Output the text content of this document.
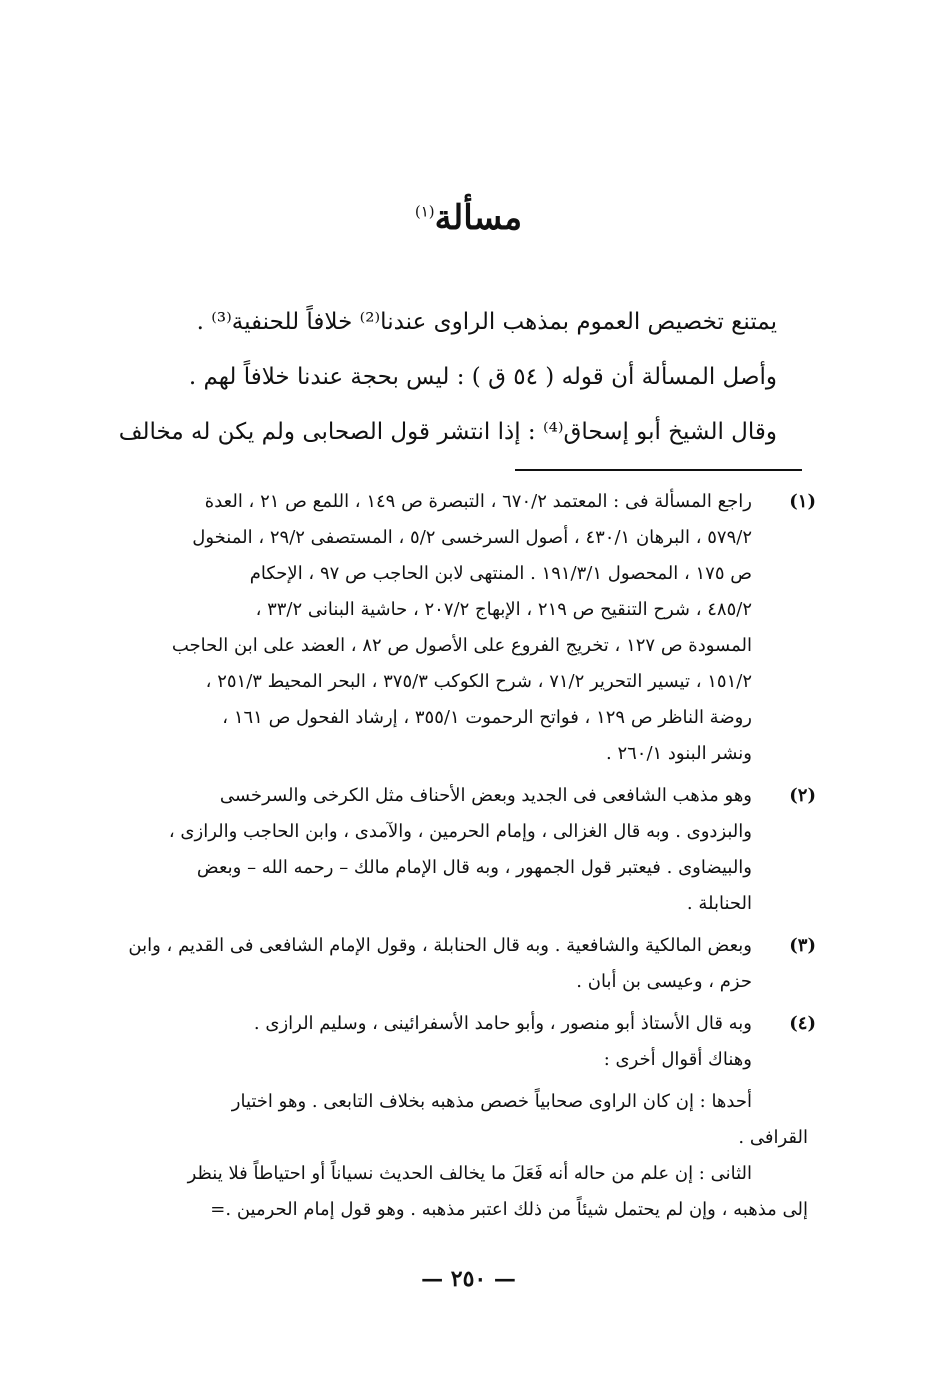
مسألة$^{(١)}$
يمتنع تخصيص العموم بمذهب الراوى عندنا⁽²⁾ خلافاً للحنفية⁽³⁾ .
وأصل المسألة أن قوله ( ٥٤ ق ) : ليس بحجة عندنا خلافاً لهم .
وقال الشيخ أبو إسحاق⁽⁴⁾ : إذا انتشر قول الصحابى ولم يكن له مخالف
(١)
راجع المسألة فى : المعتمد ٦٧٠/٢ ، التبصرة ص ١٤٩ ، اللمع ص ٢١ ، العدة
٥٧٩/٢ ، البرهان ٤٣٠/١ ، أصول السرخسى ٥/٢ ، المستصفى ٢٩/٢ ، المنخول
ص ١٧٥ ، المحصول ١٩١/٣/١ . المنتهى لابن الحاجب ص ٩٧ ، الإحكام
٤٨٥/٢ ، شرح التنقيح ص ٢١٩ ، الإبهاج ٢٠٧/٢ ، حاشية البنانى ٣٣/٢ ،
المسودة ص ١٢٧ ، تخريج الفروع على الأصول ص ٨٢ ، العضد على ابن الحاجب
١٥١/٢ ، تيسير التحرير ٧١/٢ ، شرح الكوكب ٣٧٥/٣ ، البحر المحيط ٢٥١/٣ ،
روضة الناظر ص ١٢٩ ، فواتح الرحموت ٣٥٥/١ ، إرشاد الفحول ص ١٦١ ،
ونشر البنود ٢٦٠/١ .
(٢)
وهو مذهب الشافعى فى الجديد وبعض الأحناف مثل الكرخى والسرخسى
والبزدوى . وبه قال الغزالى ، وإمام الحرمين ، والآمدى ، وابن الحاجب والرازى ،
والبيضاوى . فيعتبر قول الجمهور ، وبه قال الإمام مالك – رحمه الله – وبعض
الحنابلة .
(٣)
وبعض المالكية والشافعية . وبه قال الحنابلة ، وقول الإمام الشافعى فى القديم ، وابن
حزم ، وعيسى بن أبان .
(٤)
وبه قال الأستاذ أبو منصور ، وأبو حامد الأسفرائينى ، وسليم الرازى .
وهناك أقوال أخرى :
أحدها : إن كان الراوى صحابياً خصص مذهبه بخلاف التابعى . وهو اختيار
القرافى .
الثانى : إن علم من حاله أنه فَعَلَ ما يخالف الحديث نسياناً أو احتياطاً فلا ينظر
إلى مذهبه ، وإن لم يحتمل شيئاً من ذلك اعتبر مذهبه . وهو قول إمام الحرمين .=
— ٢٥٠ —
